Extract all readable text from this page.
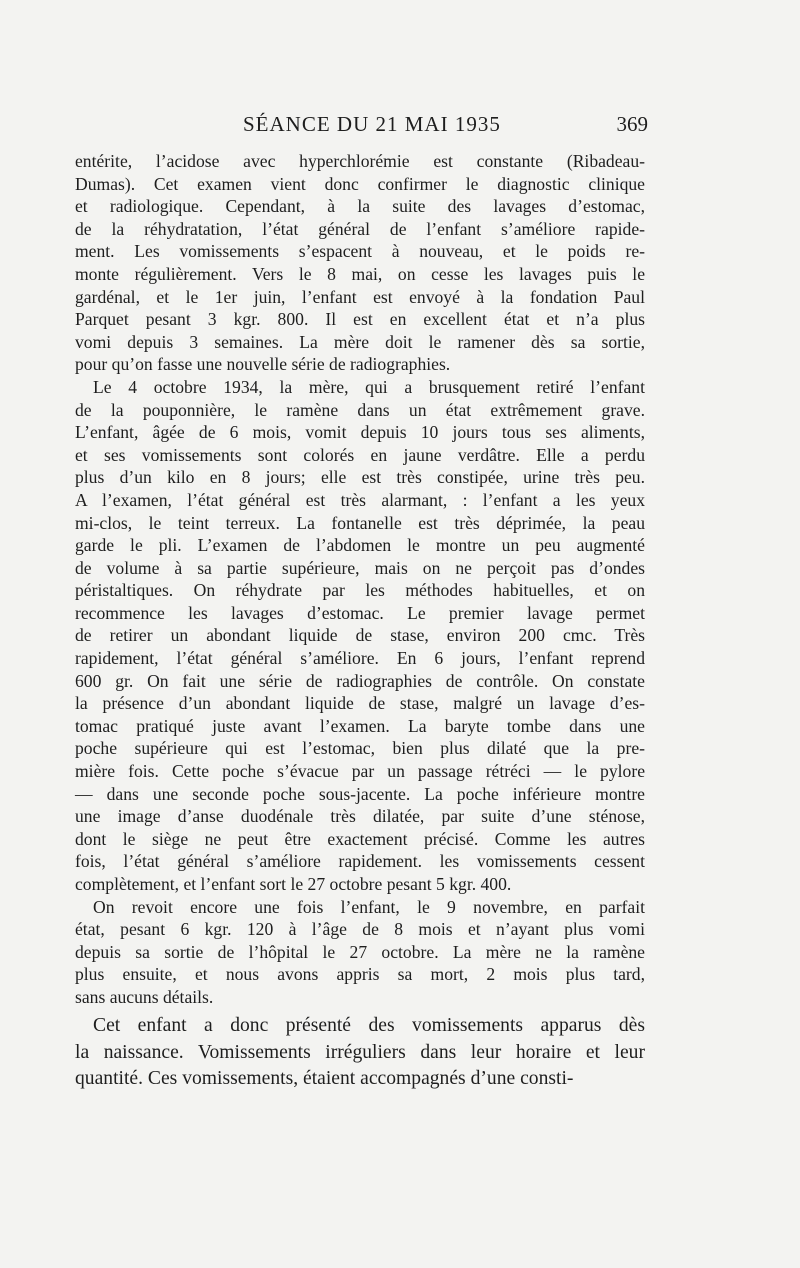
SÉANCE DU 21 MAI 1935	369

entérite, l’acidose avec hyperchlorémie est constante (Ribadeau-
Dumas). Cet examen vient donc confirmer le diagnostic clinique
et radiologique. Cependant, à la suite des lavages d’estomac,
de la réhydratation, l’état général de l’enfant s’améliore rapide-
ment. Les vomissements s’espacent à nouveau, et le poids re-
monte régulièrement. Vers le 8 mai, on cesse les lavages puis le
gardénal, et le 1er juin, l’enfant est envoyé à la fondation Paul
Parquet pesant 3 kgr. 800. Il est en excellent état et n’a plus
vomi depuis 3 semaines. La mère doit le ramener dès sa sortie,
pour qu’on fasse une nouvelle série de radiographies.

Le 4 octobre 1934, la mère, qui a brusquement retiré l’enfant
de la pouponnière, le ramène dans un état extrêmement grave.
L’enfant, âgée de 6 mois, vomit depuis 10 jours tous ses aliments,
et ses vomissements sont colorés en jaune verdâtre. Elle a perdu
plus d’un kilo en 8 jours; elle est très constipée, urine très peu.
A l’examen, l’état général est très alarmant, : l’enfant a les yeux
mi-clos, le teint terreux. La fontanelle est très déprimée, la peau
garde le pli. L’examen de l’abdomen le montre un peu augmenté
de volume à sa partie supérieure, mais on ne perçoit pas d’ondes
péristaltiques. On réhydrate par les méthodes habituelles, et on
recommence les lavages d’estomac. Le premier lavage permet
de retirer un abondant liquide de stase, environ 200 cmc. Très
rapidement, l’état général s’améliore. En 6 jours, l’enfant reprend
600 gr. On fait une série de radiographies de contrôle. On constate
la présence d’un abondant liquide de stase, malgré un lavage d’es-
tomac pratiqué juste avant l’examen. La baryte tombe dans une
poche supérieure qui est l’estomac, bien plus dilaté que la pre-
mière fois. Cette poche s’évacue par un passage rétréci — le pylore
— dans une seconde poche sous-jacente. La poche inférieure montre
une image d’anse duodénale très dilatée, par suite d’une sténose,
dont le siège ne peut être exactement précisé. Comme les autres
fois, l’état général s’améliore rapidement. les vomissements cessent
complètement, et l’enfant sort le 27 octobre pesant 5 kgr. 400.

On revoit encore une fois l’enfant, le 9 novembre, en parfait
état, pesant 6 kgr. 120 à l’âge de 8 mois et n’ayant plus vomi
depuis sa sortie de l’hôpital le 27 octobre. La mère ne la ramène
plus ensuite, et nous avons appris sa mort, 2 mois plus tard,
sans aucuns détails.

Cet enfant a donc présenté des vomissements apparus dès
la naissance. Vomissements irréguliers dans leur horaire et leur
quantité. Ces vomissements, étaient accompagnés d’une consti-
